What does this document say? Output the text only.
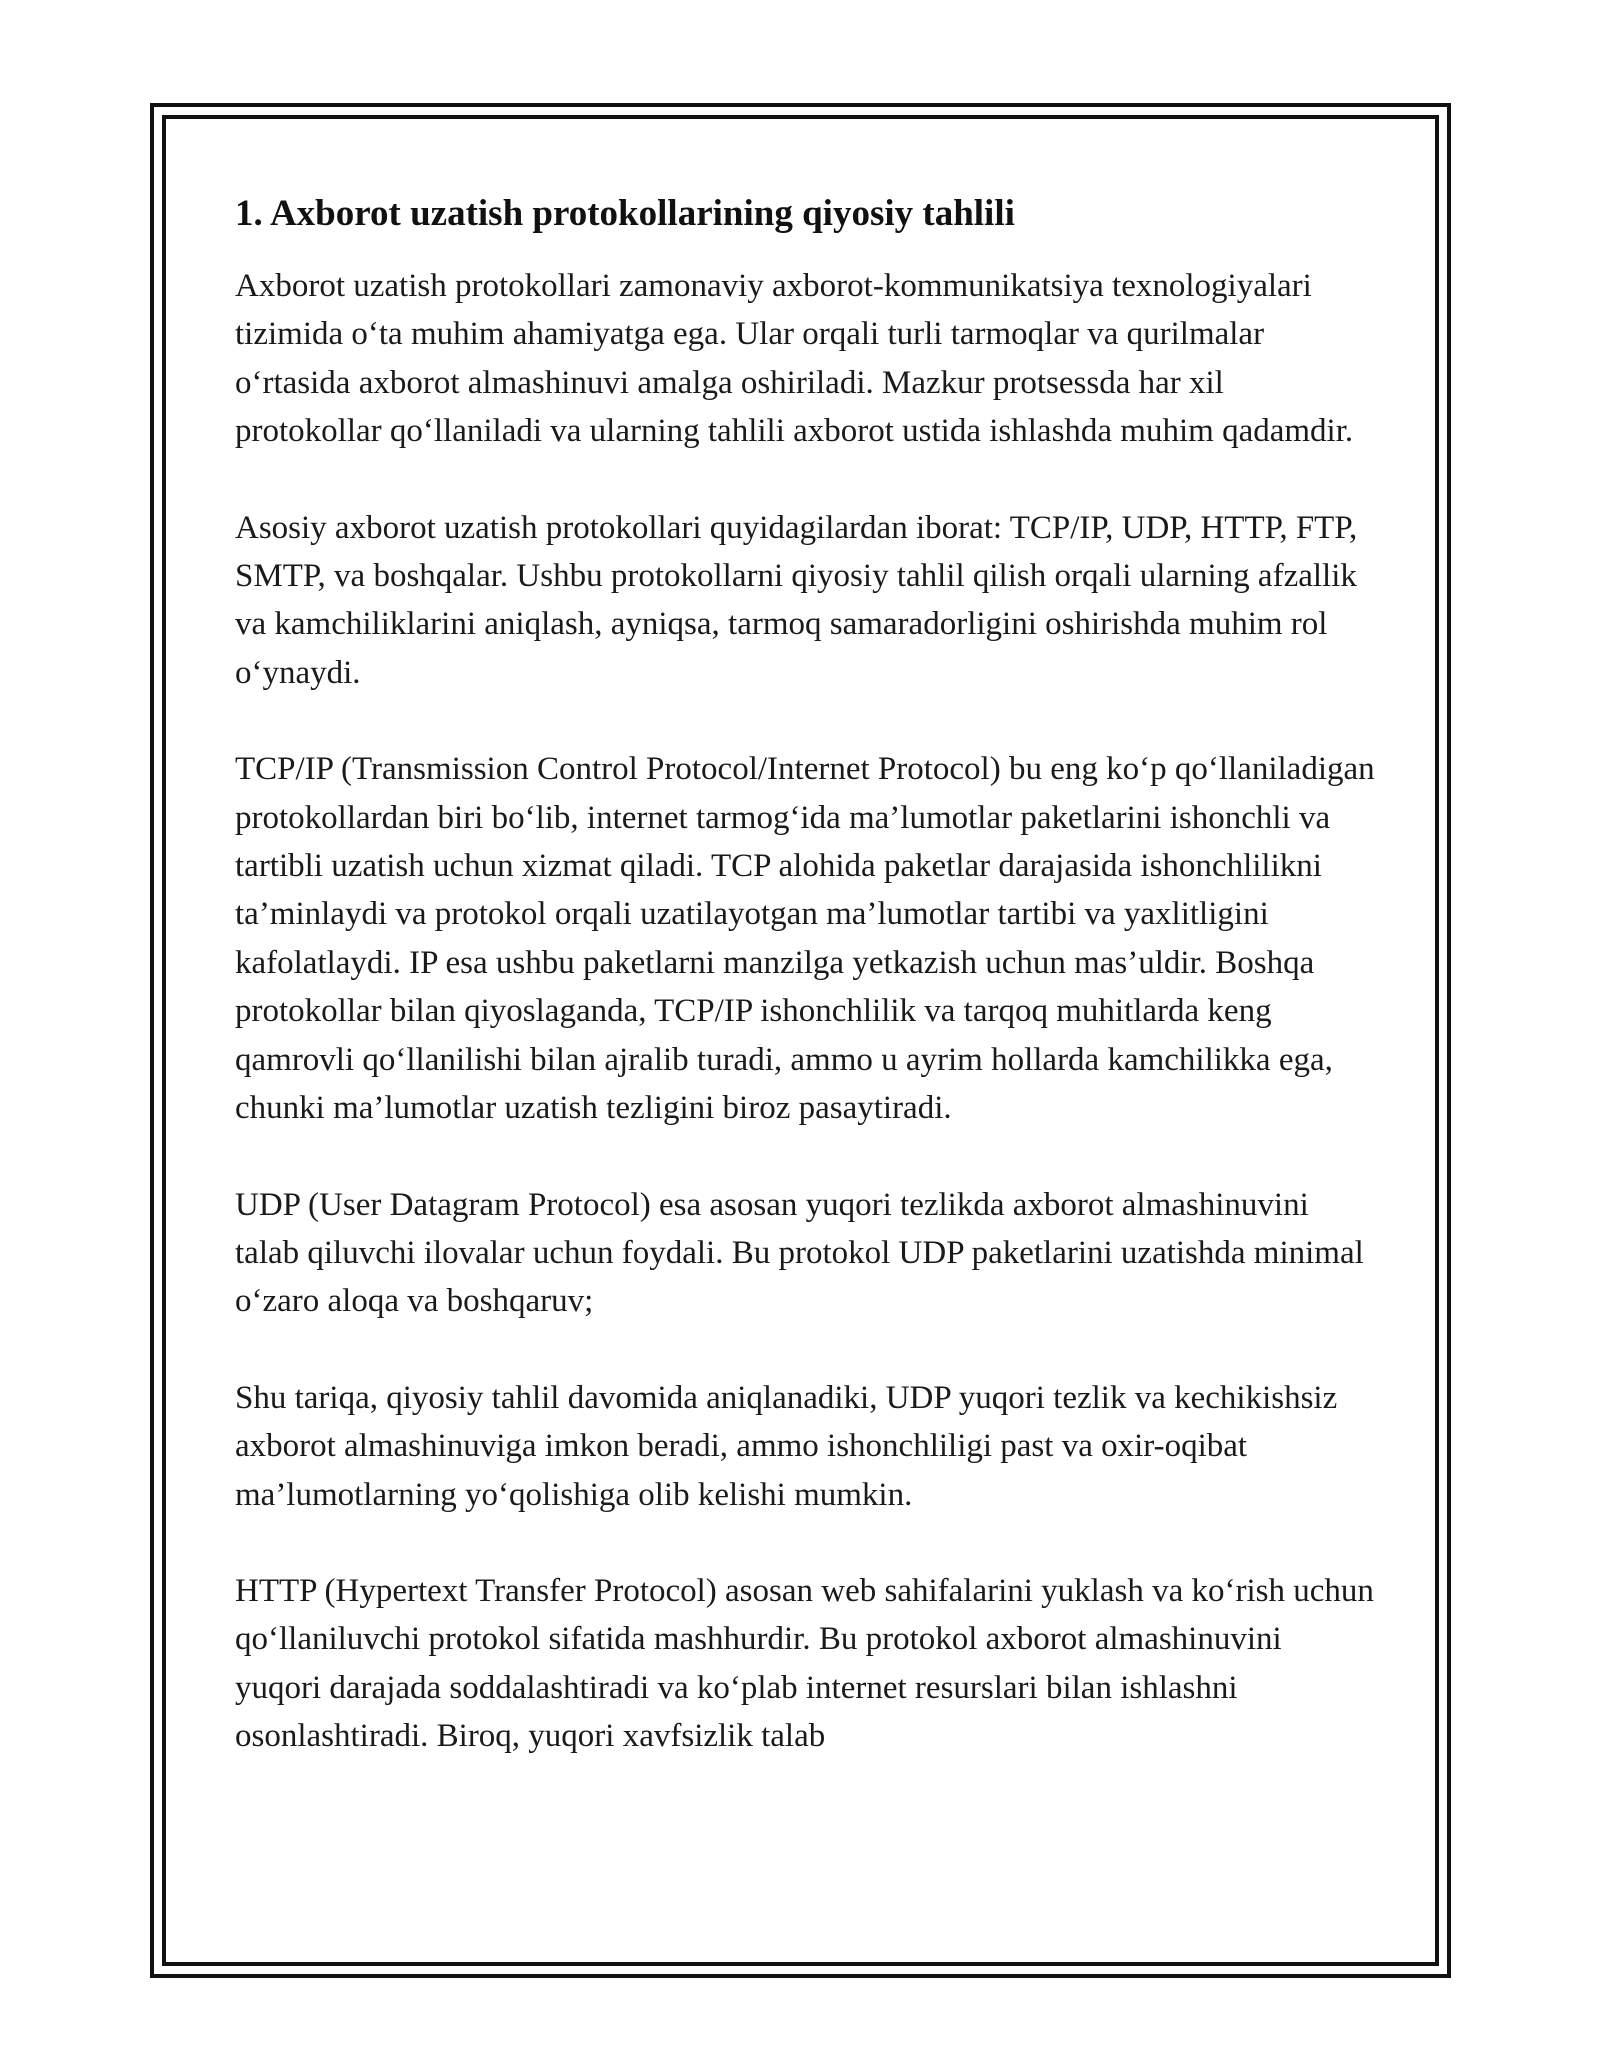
1. Axborot uzatish protokollarining qiyosiy tahlili

Axborot uzatish protokollari zamonaviy axborot-kommunikatsiya texnologiyalari tizimida o‘ta muhim ahamiyatga ega. Ular orqali turli tarmoqlar va qurilmalar o‘rtasida axborot almashinuvi amalga oshiriladi. Mazkur protsessda har xil protokollar qo‘llaniladi va ularning tahlili axborot ustida ishlashda muhim qadamdir.

Asosiy axborot uzatish protokollari quyidagilardan iborat: TCP/IP, UDP, HTTP, FTP, SMTP, va boshqalar. Ushbu protokollarni qiyosiy tahlil qilish orqali ularning afzallik va kamchiliklarini aniqlash, ayniqsa, tarmoq samaradorligini oshirishda muhim rol o‘ynaydi.

TCP/IP (Transmission Control Protocol/Internet Protocol) bu eng ko‘p qo‘llaniladigan protokollardan biri bo‘lib, internet tarmog‘ida ma’lumotlar paketlarini ishonchli va tartibli uzatish uchun xizmat qiladi. TCP alohida paketlar darajasida ishonchlilikni ta’minlaydi va protokol orqali uzatilayotgan ma’lumotlar tartibi va yaxlitligini kafolatlaydi. IP esa ushbu paketlarni manzilga yetkazish uchun mas’uldir. Boshqa protokollar bilan qiyoslaganda, TCP/IP ishonchlilik va tarqoq muhitlarda keng qamrovli qo‘llanilishi bilan ajralib turadi, ammo u ayrim hollarda kamchilikka ega, chunki ma’lumotlar uzatish tezligini biroz pasaytiradi.

UDP (User Datagram Protocol) esa asosan yuqori tezlikda axborot almashinuvini talab qiluvchi ilovalar uchun foydali. Bu protokol UDP paketlarini uzatishda minimal o‘zaro aloqa va boshqaruv;

Shu tariqa, qiyosiy tahlil davomida aniqlanadiki, UDP yuqori tezlik va kechikishsiz axborot almashinuviga imkon beradi, ammo ishonchliligi past va oxir-oqibat ma’lumotlarning yo‘qolishiga olib kelishi mumkin.

HTTP (Hypertext Transfer Protocol) asosan web sahifalarini yuklash va ko‘rish uchun qo‘llaniluvchi protokol sifatida mashhurdir. Bu protokol axborot almashinuvini yuqori darajada soddalashtiradi va ko‘plab internet resurslari bilan ishlashni osonlashtiradi. Biroq, yuqori xavfsizlik talab
